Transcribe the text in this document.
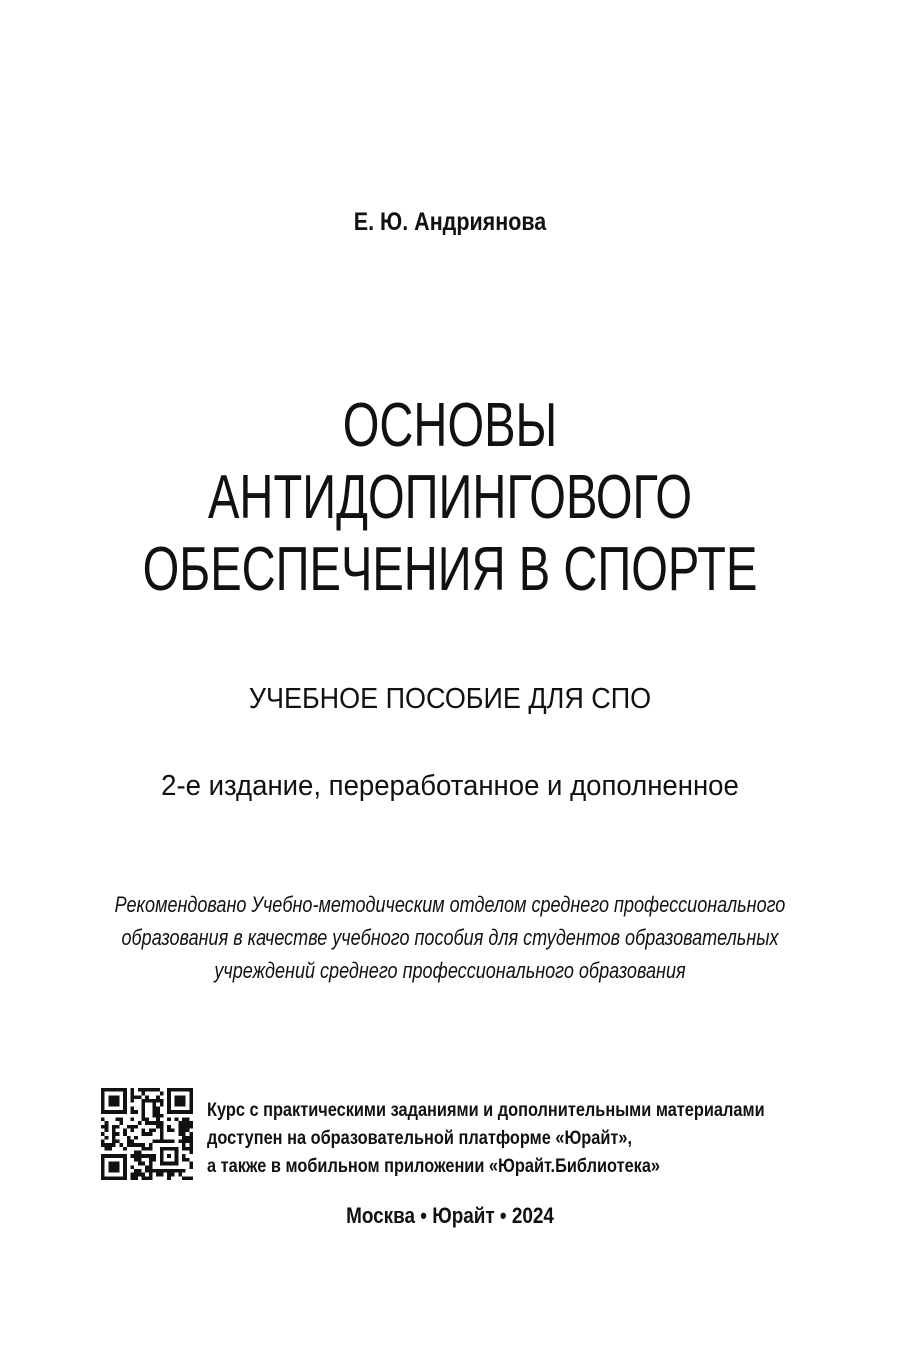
Е. Ю. Андриянова
ОСНОВЫ АНТИДОПИНГОВОГО
ОБЕСПЕЧЕНИЯ В СПОРТЕ
УЧЕБНОЕ ПОСОБИЕ ДЛЯ СПО
2-е издание, переработанное и дополненное
Рекомендовано Учебно-методическим отделом среднего профессионального
образования в качестве учебного пособия для студентов образовательных
учреждений среднего профессионального образования
Курс с практическими заданиями и дополнительными материалами
доступен на образовательной платформе «Юрайт»,
а также в мобильном приложении «Юрайт.Библиотека»
Москва • Юрайт • 2024
